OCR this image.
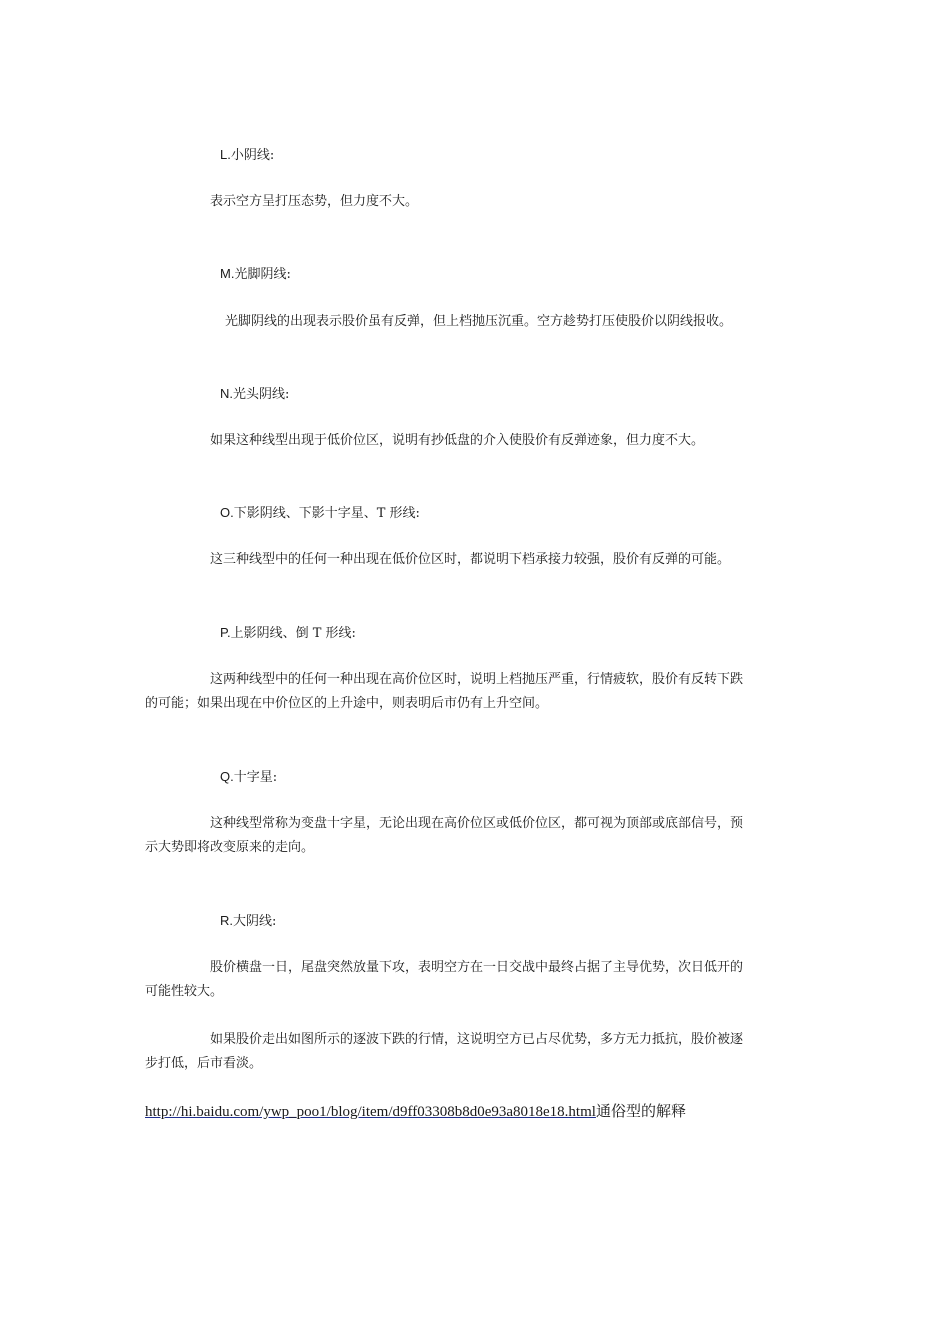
L.小阴线:
表示空方呈打压态势，但力度不大。
M.光脚阴线:
光脚阴线的出现表示股价虽有反弹，但上档抛压沉重。空方趁势打压使股价以阴线报收。
N.光头阴线:
如果这种线型出现于低价位区，说明有抄低盘的介入使股价有反弹迹象，但力度不大。
O.下影阴线、下影十字星、T 形线:
这三种线型中的任何一种出现在低价位区时，都说明下档承接力较强，股价有反弹的可能。
P.上影阴线、倒 T 形线:
这两种线型中的任何一种出现在高价位区时，说明上档抛压严重，行情疲软，股价有反转下跌
的可能；如果出现在中价位区的上升途中，则表明后市仍有上升空间。
Q.十字星:
这种线型常称为变盘十字星，无论出现在高价位区或低价位区，都可视为顶部或底部信号，预
示大势即将改变原来的走向。
R.大阴线:
股价横盘一日，尾盘突然放量下攻，表明空方在一日交战中最终占据了主导优势，次日低开的
可能性较大。
如果股价走出如图所示的逐波下跌的行情，这说明空方已占尽优势，多方无力抵抗，股价被逐
步打低，后市看淡。
http://hi.baidu.com/ywp_poo1/blog/item/d9ff03308b8d0e93a8018e18.html通俗型的解释
